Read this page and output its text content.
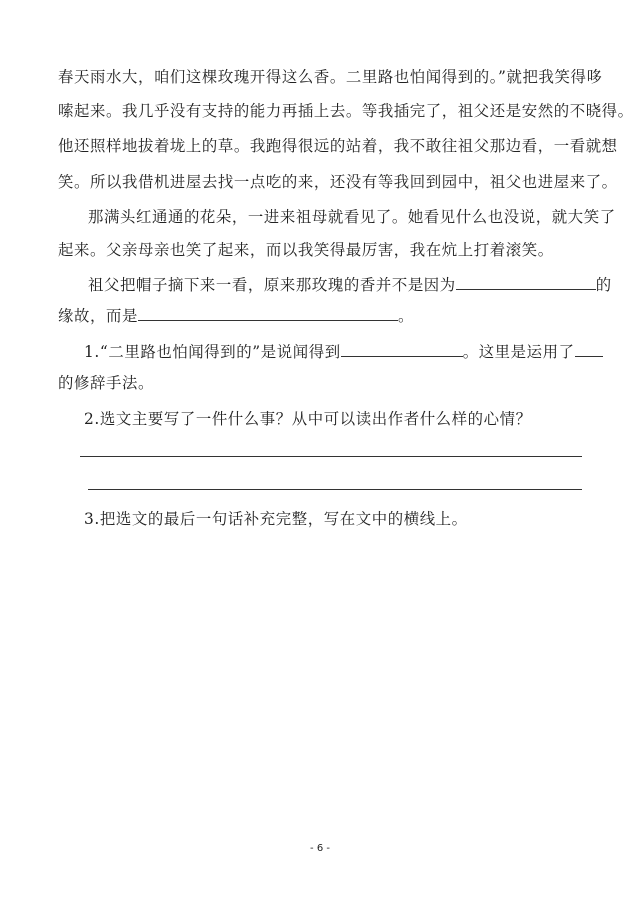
春天雨水大，咱们这棵玫瑰开得这么香。二里路也怕闻得到的。”就把我笑得哆
嗦起来。我几乎没有支持的能力再插上去。等我插完了，祖父还是安然的不晓得。
他还照样地拔着垅上的草。我跑得很远的站着，我不敢往祖父那边看，一看就想
笑。所以我借机进屋去找一点吃的来，还没有等我回到园中，祖父也进屋来了。
那满头红通通的花朵，一进来祖母就看见了。她看见什么也没说，就大笑了
起来。父亲母亲也笑了起来，而以我笑得最厉害，我在炕上打着滚笑。
祖父把帽子摘下来一看，原来那玫瑰的香并不是因为	的
缘故，而是	。
1.“二里路也怕闻得到的”是说闻得到	。这里是运用了
的修辞手法。
2.选文主要写了一件什么事？从中可以读出作者什么样的心情？
3.把选文的最后一句话补充完整，写在文中的横线上。
- 6 -
